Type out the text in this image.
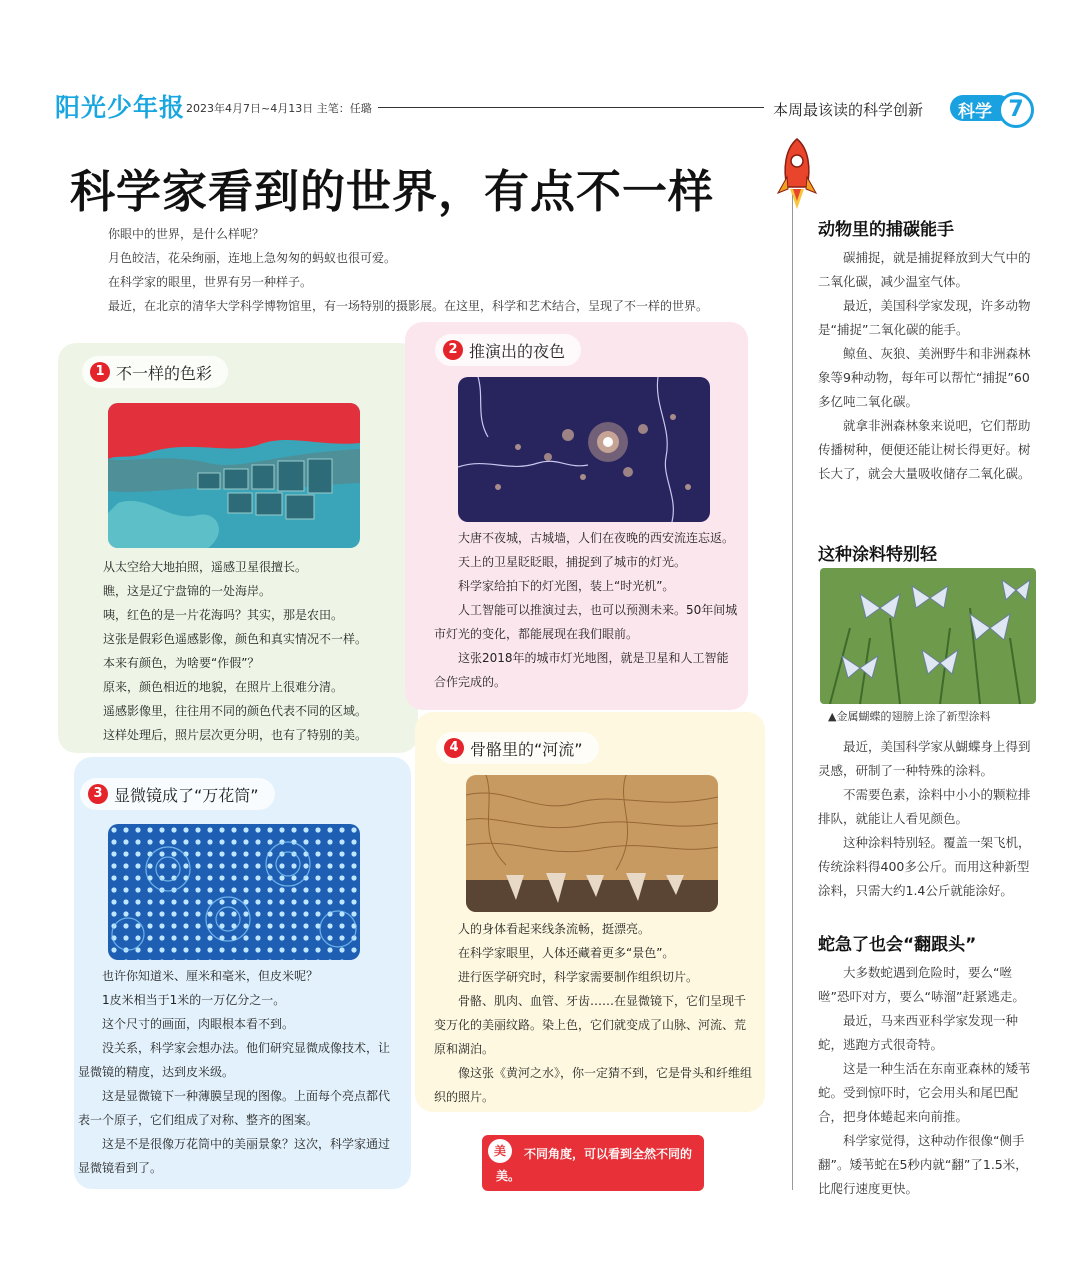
阳光少年报 2023年4月7日~4月13日 主笔：任璐	本周最该读的科学创新 科学 7
科学家看到的世界，有点不一样

你眼中的世界，是什么样呢？

月色皎洁，花朵绚丽，连地上急匆匆的蚂蚁也很可爱。

在科学家的眼里，世界有另一种样子。

最近，在北京的清华大学科学博物馆里，有一场特别的摄影展。在这里，科学和艺术结合，呈现了不一样的世界。

1 不一样的色彩

从太空给大地拍照，遥感卫星很擅长。

瞧，这是辽宁盘锦的一处海岸。

咦，红色的是一片花海吗？其实，那是农田。

这张是假彩色遥感影像，颜色和真实情况不一样。

本来有颜色，为啥要“作假”？

原来，颜色相近的地貌，在照片上很难分清。

遥感影像里，往往用不同的颜色代表不同的区域。

这样处理后，照片层次更分明，也有了特别的美。

2 推演出的夜色

大唐不夜城，古城墙，人们在夜晚的西安流连忘返。

天上的卫星眨眨眼，捕捉到了城市的灯光。

科学家给拍下的灯光图，装上“时光机”。

人工智能可以推演过去，也可以预测未来。50年间城市灯光的变化，都能展现在我们眼前。

这张2018年的城市灯光地图，就是卫星和人工智能合作完成的。

3 显微镜成了“万花筒”

也许你知道米、厘米和毫米，但皮米呢？

1皮米相当于1米的一万亿分之一。

这个尺寸的画面，肉眼根本看不到。

没关系，科学家会想办法。他们研究显微成像技术，让显微镜的精度，达到皮米级。

这是显微镜下一种薄膜呈现的图像。上面每个亮点都代表一个原子，它们组成了对称、整齐的图案。

这是不是很像万花筒中的美丽景象？这次，科学家通过显微镜看到了。

4 骨骼里的“河流”

人的身体看起来线条流畅，挺漂亮。

在科学家眼里，人体还藏着更多“景色”。

进行医学研究时，科学家需要制作组织切片。

骨骼、肌肉、血管、牙齿……在显微镜下，它们呈现千变万化的美丽纹路。染上色，它们就变成了山脉、河流、荒原和湖泊。

像这张《黄河之水》，你一定猜不到，它是骨头和纤维组织的照片。

美	不同角度，可以看到全然不同的美。
动物里的捕碳能手

碳捕捉，就是捕捉释放到大气中的二氧化碳，减少温室气体。

最近，美国科学家发现，许多动物是“捕捉”二氧化碳的能手。

鲸鱼、灰狼、美洲野牛和非洲森林象等9种动物，每年可以帮忙“捕捉”60多亿吨二氧化碳。

就拿非洲森林象来说吧，它们帮助传播树种，便便还能让树长得更好。树长大了，就会大量吸收储存二氧化碳。

这种涂料特别轻
▲金属蝴蝶的翅膀上涂了新型涂料

最近，美国科学家从蝴蝶身上得到灵感，研制了一种特殊的涂料。

不需要色素，涂料中小小的颗粒排排队，就能让人看见颜色。

这种涂料特别轻。覆盖一架飞机，传统涂料得400多公斤。而用这种新型涂料，只需大约1.4公斤就能涂好。

蛇急了也会“翻跟头”

大多数蛇遇到危险时，要么“咝咝”恐吓对方，要么“哧溜”赶紧逃走。

最近，马来西亚科学家发现一种蛇，逃跑方式很奇特。

这是一种生活在东南亚森林的矮苇蛇。受到惊吓时，它会用头和尾巴配合，把身体蜷起来向前推。

科学家觉得，这种动作很像“侧手翻”。矮苇蛇在5秒内就“翻”了1.5米，比爬行速度更快。
